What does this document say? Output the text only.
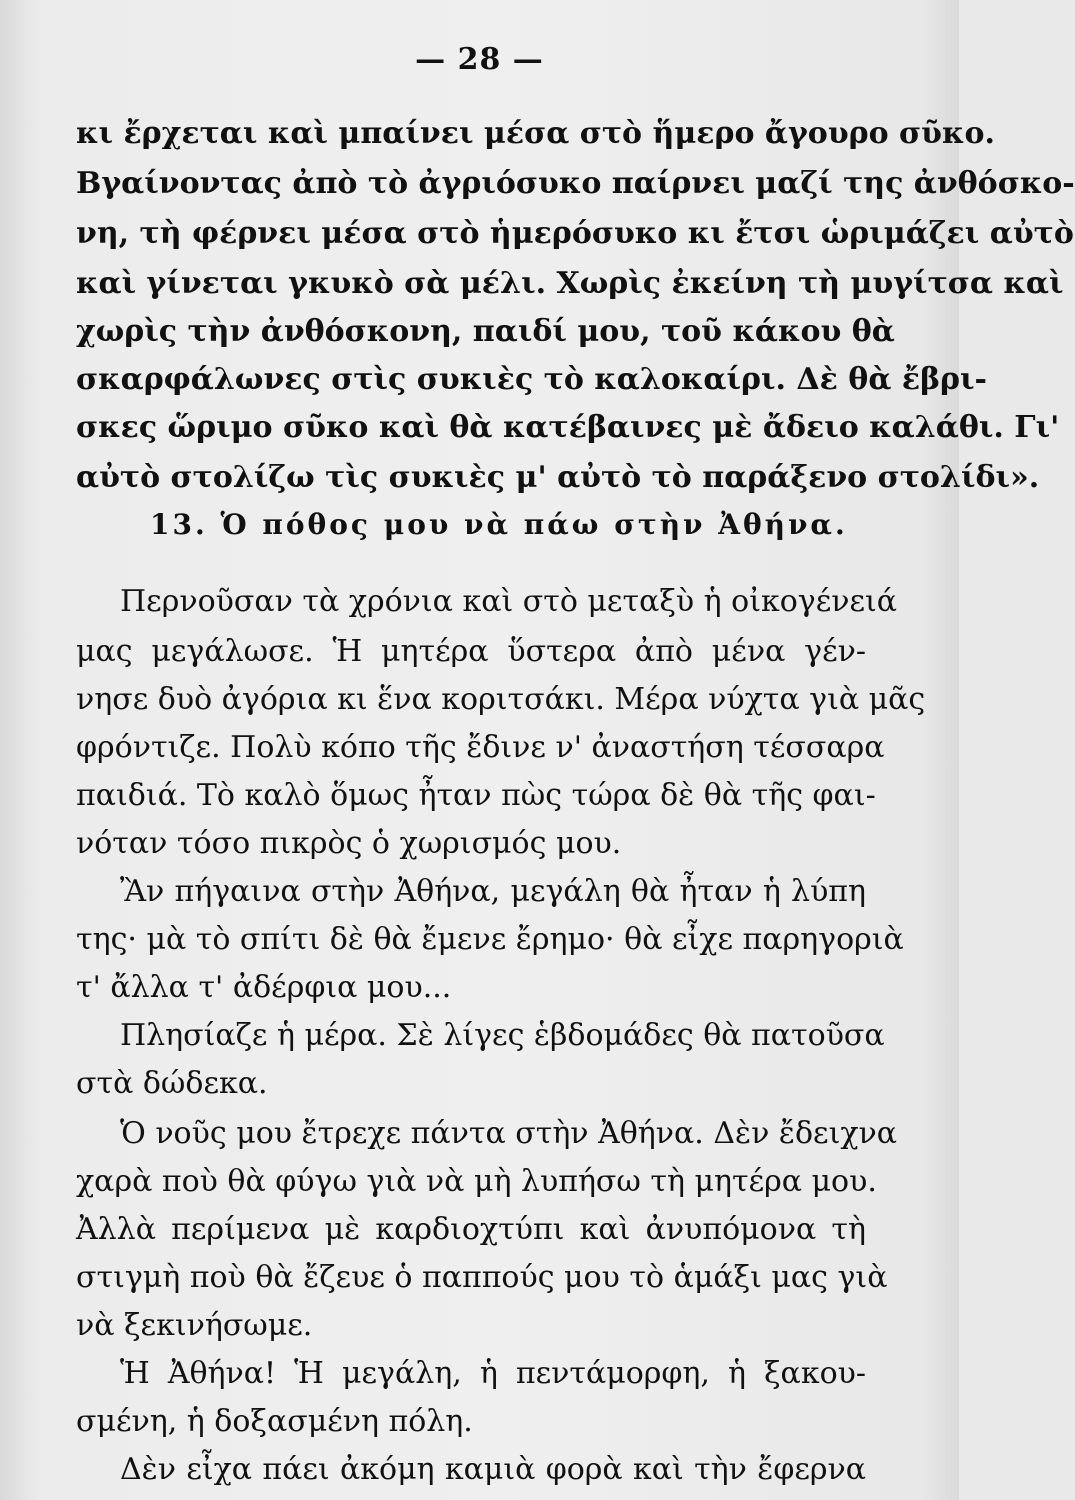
— 28 —
κι ἔρχεται καὶ μπαίνει μέσα στὸ ἥμερο ἄγουρο σῦκο.
Βγαίνοντας ἀπὸ τὸ ἀγριόσυκο παίρνει μαζί της ἀνθόσκο-
νη, τὴ φέρνει μέσα στὸ ἡμερόσυκο κι ἔτσι ὡριμάζει αὐτὸ
καὶ γίνεται γκυκὸ σὰ μέλι. Χωρὶς ἐκείνη τὴ μυγίτσα καὶ
χωρὶς τὴν ἀνθόσκονη, παιδί μου, τοῦ κάκου θὰ
σκαρφάλωνες στὶς συκιὲς τὸ καλοκαίρι. Δὲ θὰ ἔβρι-
σκες ὥριμο σῦκο καὶ θὰ κατέβαινες μὲ ἄδειο καλάθι. Γι'
αὐτὸ στολίζω τὶς συκιὲς μ' αὐτὸ τὸ παράξενο στολίδι».
13. Ὁ πόθος μου νὰ πάω στὴν Ἀθήνα.
Περνοῦσαν τὰ χρόνια καὶ στὸ μεταξὺ ἡ οἰκογένειά
μας μεγάλωσε. Ἡ μητέρα ὕστερα ἀπὸ μένα γέν-
νησε δυὸ ἀγόρια κι ἕνα κοριτσάκι. Μέρα νύχτα γιὰ μᾶς
φρόντιζε. Πολὺ κόπο τῆς ἔδινε ν' ἀναστήση τέσσαρα
παιδιά. Τὸ καλὸ ὅμως ἦταν πὼς τώρα δὲ θὰ τῆς φαι-
νόταν τόσο πικρὸς ὁ χωρισμός μου.
Ἂν πήγαινα στὴν Ἀθήνα, μεγάλη θὰ ἦταν ἡ λύπη
της· μὰ τὸ σπίτι δὲ θὰ ἔμενε ἔρημο· θὰ εἶχε παρηγοριὰ
τ' ἄλλα τ' ἀδέρφια μου...
Πλησίαζε ἡ μέρα. Σὲ λίγες ἑβδομάδες θὰ πατοῦσα
στὰ δώδεκα.
Ὁ νοῦς μου ἔτρεχε πάντα στὴν Ἀθήνα. Δὲν ἔδειχνα
χαρὰ ποὺ θὰ φύγω γιὰ νὰ μὴ λυπήσω τὴ μητέρα μου.
Ἀλλὰ περίμενα μὲ καρδιοχτύπι καὶ ἀνυπόμονα τὴ
στιγμὴ ποὺ θὰ ἔζευε ὁ παππούς μου τὸ ἁμάξι μας γιὰ
νὰ ξεκινήσωμε.
Ἡ Ἀθήνα! Ἡ μεγάλη, ἡ πεντάμορφη, ἡ ξακου-
σμένη, ἡ δοξασμένη πόλη.
Δὲν εἶχα πάει ἀκόμη καμιὰ φορὰ καὶ τὴν ἔφερνα
